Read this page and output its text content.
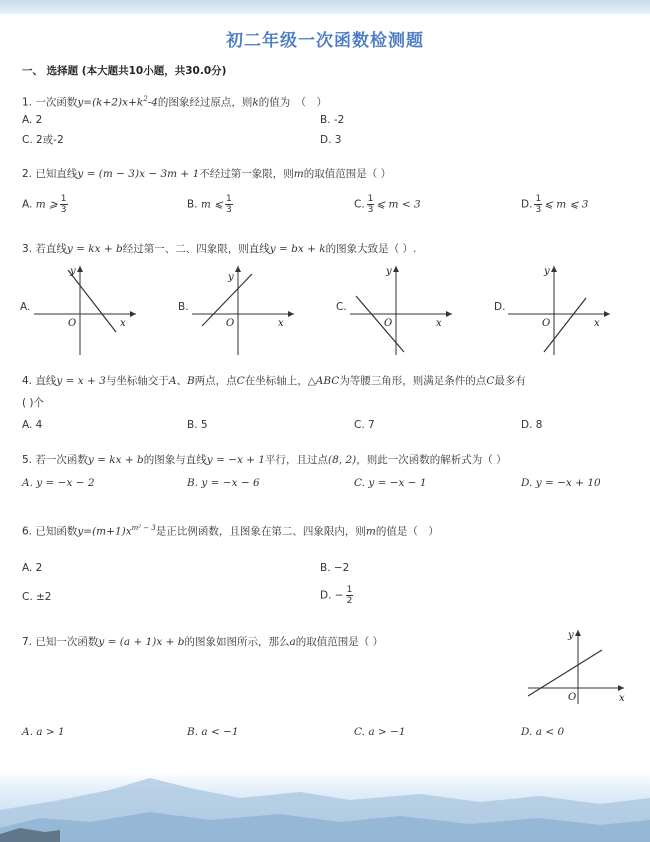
初二年级一次函数检测题
一、 选择题 (本大题共10小题，共30.0分)
1. 一次函数$y=(k+2)x+k^2-4$的图象经过原点，则k的值为　（　）
A. 2	B. -2
C. 2或-2	D. 3
2. 已知直线y = (m − 3)x − 3m + 1不经过第一象限，则m的取值范围是（ ）
A. m ⩾ $\frac{1}{3}$	B. m ⩽ $\frac{1}{3}$	C. $\frac{1}{3}$ ⩽ m < 3	D. $\frac{1}{3}$ ⩽ m ⩽ 3
3. 若直线y = kx + b经过第一、二、四象限，则直线y = bx + k的图象大致是（ ）.
A.
x
y
O
B.
x
y
O
C.
x
y
O
D.
x
y
O
4. 直线y = x + 3与坐标轴交于A、B两点，点C在坐标轴上，△ABC为等腰三角形，则满足条件的点C最多有
( )个
A. 4	B. 5	C. 7	D. 8
5. 若一次函数y = kx + b的图象与直线y = −x + 1平行，且过点(8, 2)，则此一次函数的解析式为（ ）
A. y = −x − 2	B. y = −x − 6	C. y = −x − 1	D. y = −x + 10
6. 已知函数$y=(m+1)x^{m^2 - 3}$是正比例函数，且图象在第二、四象限内，则m的值是（　）
A. 2	B. −2
C. ±2	D. − $\frac{1}{2}$
7. 已知一次函数y = (a + 1)x + b的图象如图所示，那么a的取值范围是（ ）
x
y
O
A. a > 1	B. a < −1	C. a > −1	D. a < 0
